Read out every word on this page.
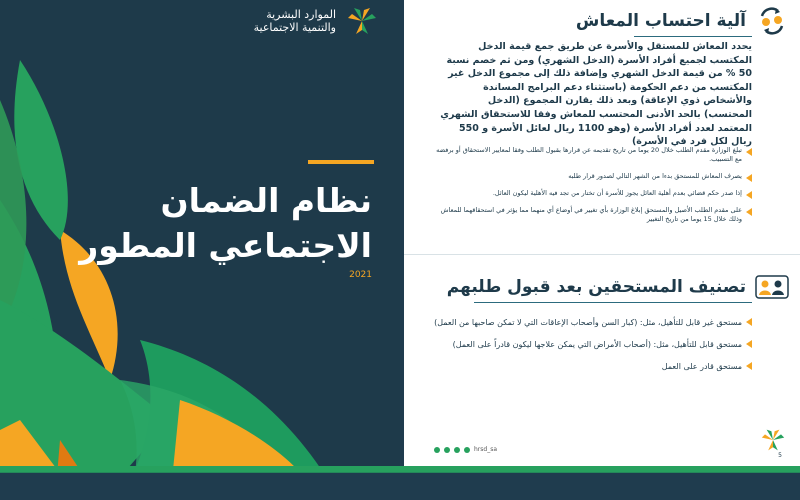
الموارد البشرية
والتنمية الاجتماعية
نظام الضمان
الاجتماعي المطور
2021
آلية احتساب المعاش
يحدد المعاش للمستقل والأسرة عن طريق جمع قيمة الدخل المكتسب لجميع أفراد الأسرة (الدخل الشهري) ومن ثم خصم نسبة 50 % من قيمة الدخل الشهري وإضافة ذلك إلى مجموع الدخل غير المكتسب من دعم الحكومة (باستثناء دعم البرامج المساندة والأشخاص ذوي الإعاقة) وبعد ذلك يقارن المجموع (الدخل المحتسب) بالحد الأدنى المحتسب للمعاش وفقا للاستحقاق الشهري المعتمد لعدد أفراد الأسرة (وهو 1100 ريال لعائل الأسرة و 550 ريال لكل فرد في الأسرة)
تبلغ الوزارة مقدم الطلب خلال 20 يوما من تاريخ تقديمه عن قرارها بقبول الطلب وفقا لمعايير الاستحقاق أو برفضه مع التسبيب.
يصرف المعاش للمستحق بدءا من الشهر التالي لصدور قرار طلبه
إذا صدر حكم قضائي بعدم أهلية العائل يجوز للأسرة أن تختار من تجد فيه الأهلية ليكون العائل.
على مقدم الطلب الأصيل والمستحق إبلاغ الوزارة بأي تغيير في أوضاع أي منهما مما يؤثر في استحقاقهما للمعاش وذلك خلال 15 يوما من تاريخ التغيير
تصنيف المستحقين بعد قبول طلبهم
مستحق غير قابل للتأهيل، مثل: (كبار السن وأصحاب الإعاقات التي لا تمكن صاحبها من العمل)
مستحق قابل للتأهيل، مثل: (أصحاب الأمراض التي يمكن علاجها ليكون قادراً على العمل)
مستحق قادر على العمل
hrsd_sa
5
